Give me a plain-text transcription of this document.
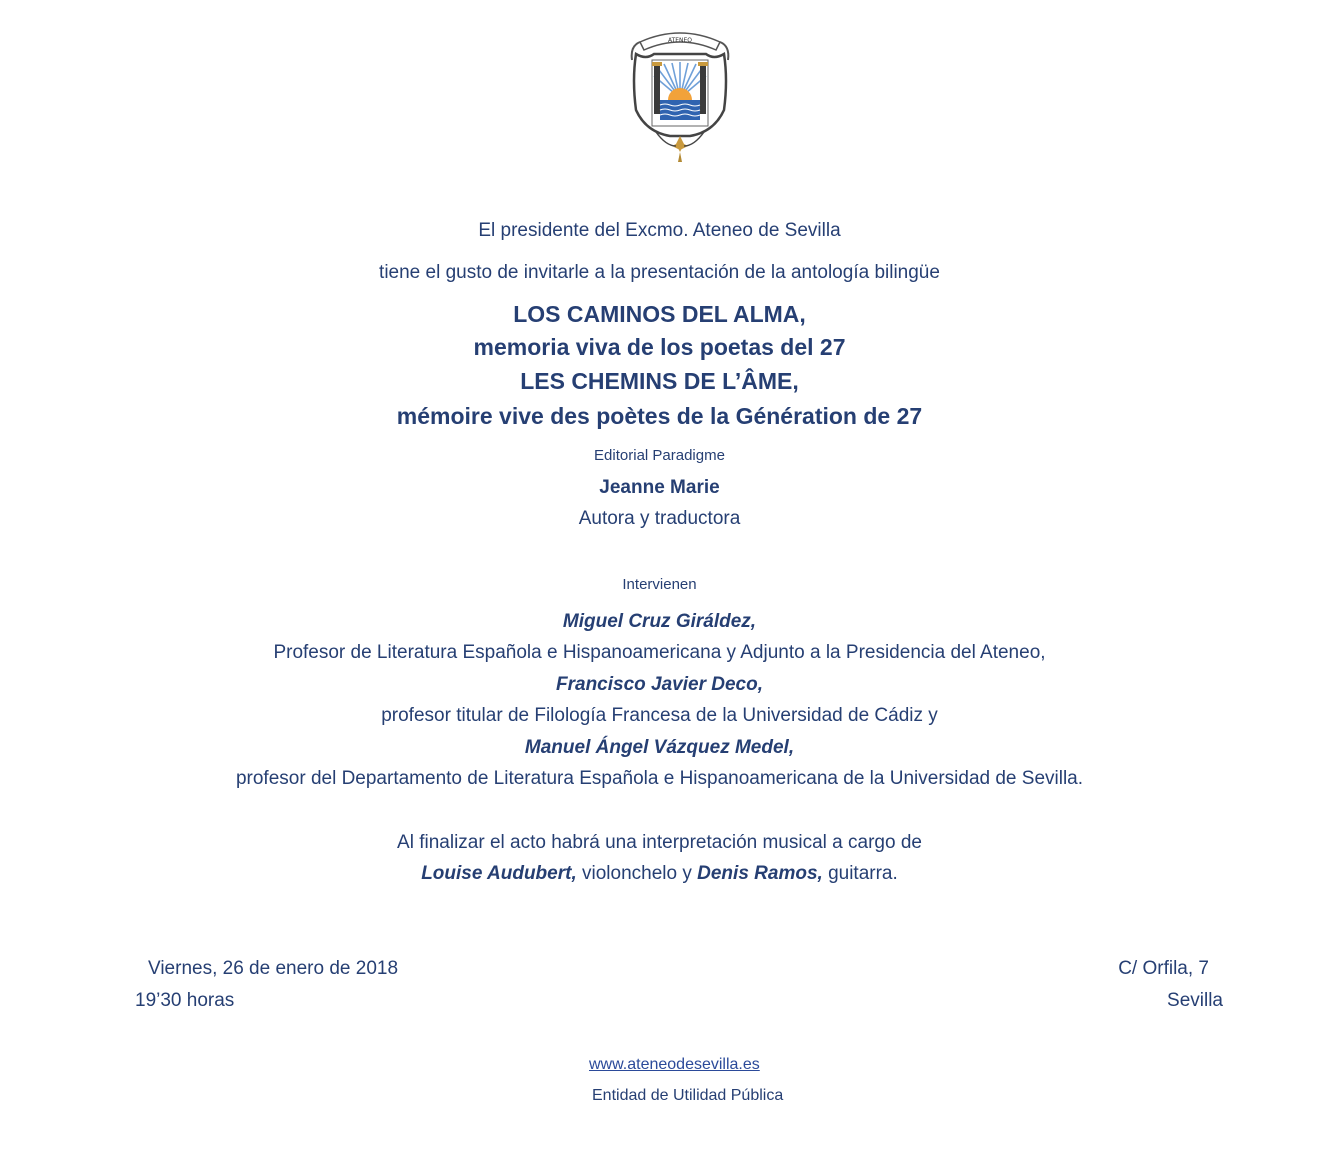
ATENEO
El presidente del Excmo. Ateneo de Sevilla
tiene el gusto de invitarle a la presentación de la antología bilingüe
LOS CAMINOS DEL ALMA,
memoria viva de los poetas del 27
LES CHEMINS DE L’ÂME,
mémoire vive des poètes de la Génération de 27
Editorial Paradigme
Jeanne Marie
Autora y traductora
Intervienen
Miguel Cruz Giráldez,
Profesor de Literatura Española e Hispanoamericana y Adjunto a la Presidencia del Ateneo,
Francisco Javier Deco,
profesor titular de Filología Francesa de la Universidad de Cádiz y
Manuel Ángel Vázquez Medel,
profesor del Departamento de Literatura Española e Hispanoamericana de la Universidad de Sevilla.
Al finalizar el acto habrá una interpretación musical a cargo de
Louise Audubert, violonchelo y Denis Ramos, guitarra.
Viernes, 26 de enero de 2018
19’30 horas
C/ Orfila, 7
Sevilla
www.ateneodesevilla.es
Entidad de Utilidad Pública
